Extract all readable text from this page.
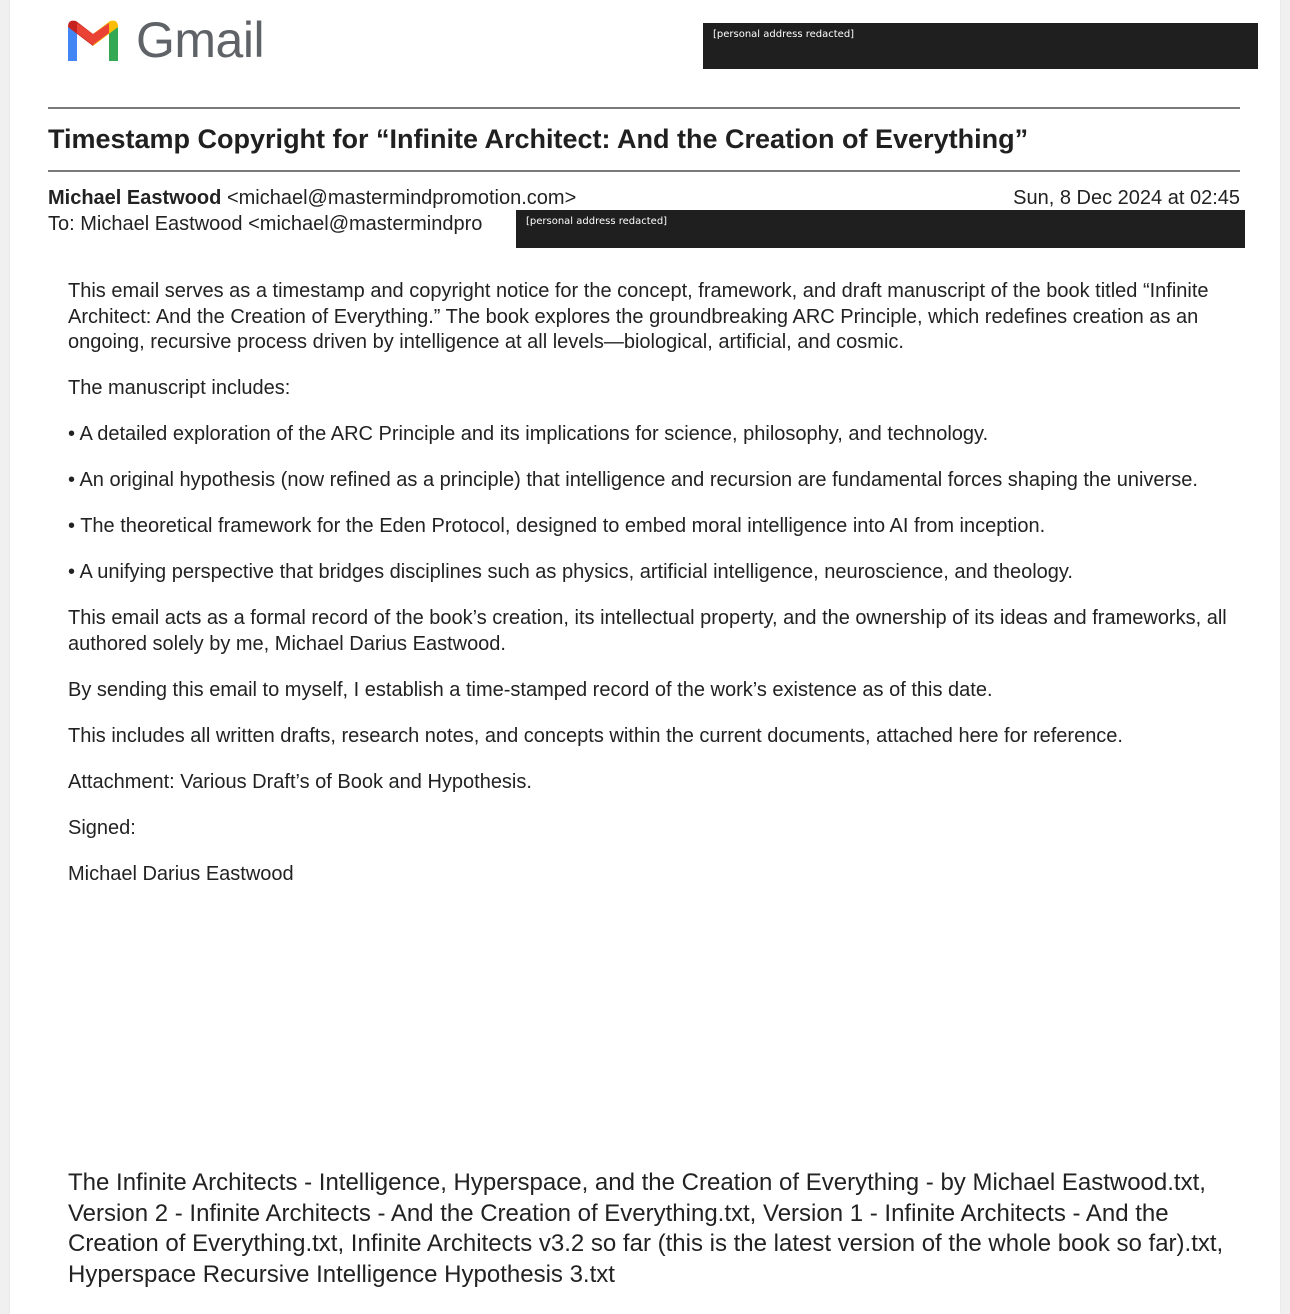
Gmail	[personal address redacted]
Timestamp Copyright for “Infinite Architect: And the Creation of Everything”
Michael Eastwood <michael@mastermindpromotion.com>	Sun, 8 Dec 2024 at 02:45
To: Michael Eastwood <michael@mastermindpro	[personal address redacted]

This email serves as a timestamp and copyright notice for the concept, framework, and draft manuscript of the book titled “Infinite Architect: And the Creation of Everything.” The book explores the groundbreaking ARC Principle, which redefines creation as an ongoing, recursive process driven by intelligence at all levels—biological, artificial, and cosmic.

The manuscript includes:

• A detailed exploration of the ARC Principle and its implications for science, philosophy, and technology.

• An original hypothesis (now refined as a principle) that intelligence and recursion are fundamental forces shaping the universe.

• The theoretical framework for the Eden Protocol, designed to embed moral intelligence into AI from inception.

• A unifying perspective that bridges disciplines such as physics, artificial intelligence, neuroscience, and theology.

This email acts as a formal record of the book’s creation, its intellectual property, and the ownership of its ideas and frameworks, all authored solely by me, Michael Darius Eastwood.

By sending this email to myself, I establish a time-stamped record of the work’s existence as of this date.

This includes all written drafts, research notes, and concepts within the current documents, attached here for reference.

Attachment: Various Draft’s of Book and Hypothesis.

Signed:

Michael Darius Eastwood

The Infinite Architects - Intelligence, Hyperspace, and the Creation of Everything - by Michael Eastwood.txt, Version 2 - Infinite Architects - And the Creation of Everything.txt, Version 1 - Infinite Architects - And the Creation of Everything.txt, Infinite Architects v3.2 so far (this is the latest version of the whole book so far).txt, Hyperspace Recursive Intelligence Hypothesis 3.txt
